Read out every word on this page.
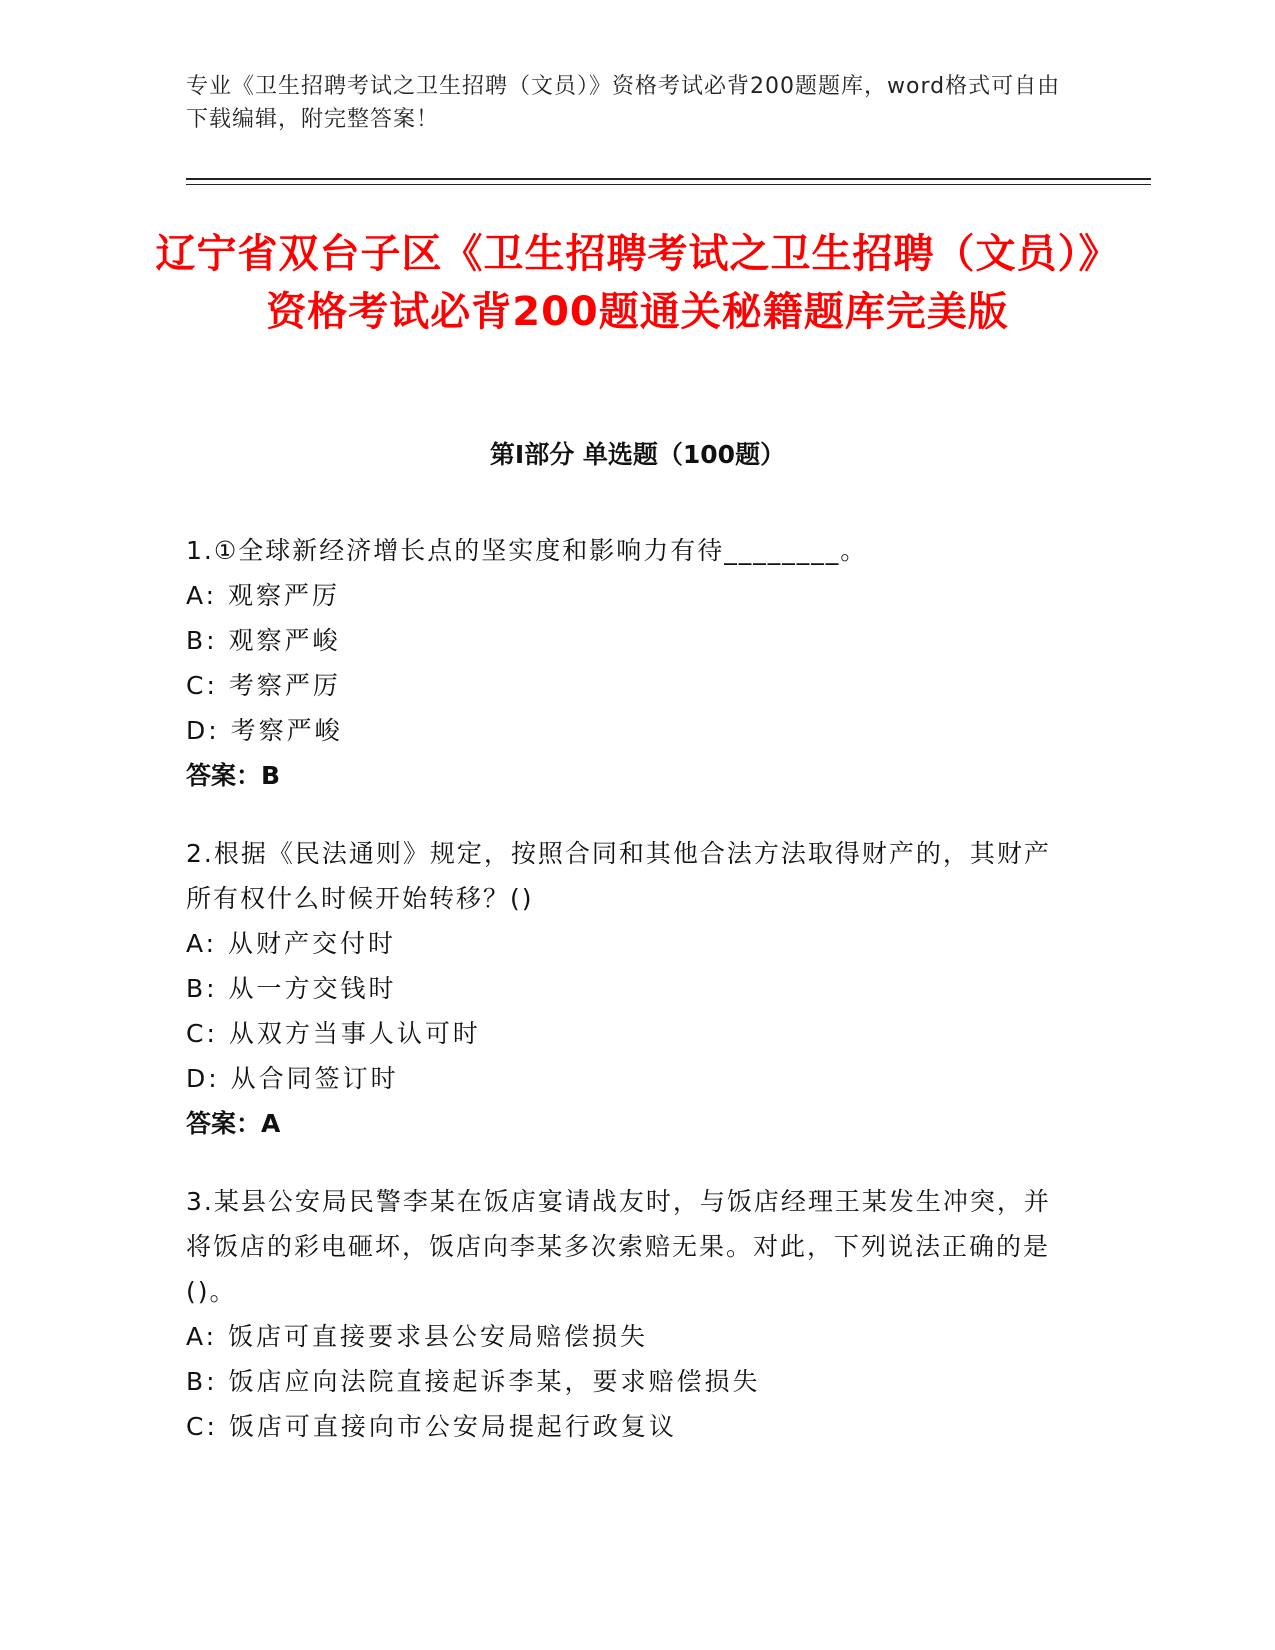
专业《卫生招聘考试之卫生招聘（文员）》资格考试必背200题题库，word格式可自由下载编辑，附完整答案！
辽宁省双台子区《卫生招聘考试之卫生招聘（文员）》资格考试必背200题通关秘籍题库完美版
第I部分 单选题（100题）

1.①全球新经济增长点的坚实度和影响力有待________。

A: 观察严厉

B: 观察严峻

C: 考察严厉

D: 考察严峻

答案：B

2.根据《民法通则》规定，按照合同和其他合法方法取得财产的，其财产所有权什么时候开始转移？()

A: 从财产交付时

B: 从一方交钱时

C: 从双方当事人认可时

D: 从合同签订时

答案：A

3.某县公安局民警李某在饭店宴请战友时，与饭店经理王某发生冲突，并将饭店的彩电砸坏，饭店向李某多次索赔无果。对此，下列说法正确的是()。

A: 饭店可直接要求县公安局赔偿损失

B: 饭店应向法院直接起诉李某，要求赔偿损失

C: 饭店可直接向市公安局提起行政复议
